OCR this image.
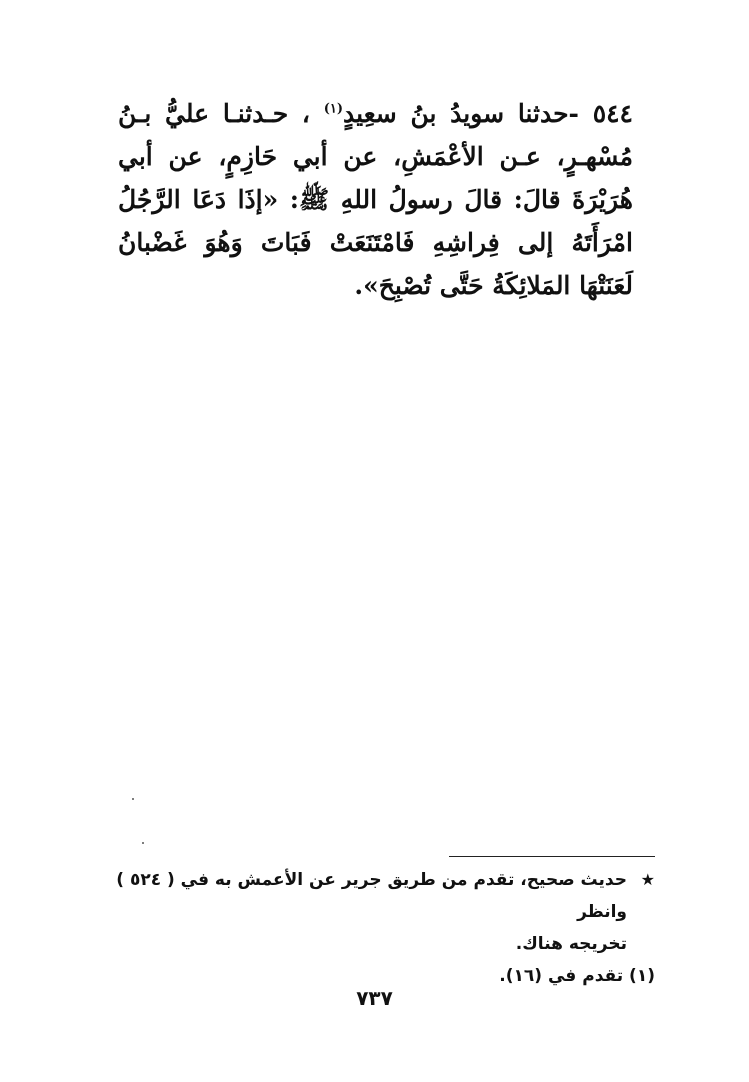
٥٤٤ -حدثنا سويدُ بنُ سعِيدٍ$^{(١)}$ ، حـدثنـا عليُّ بـنُ مُسْهـرٍ، عـن الأعْمَشِ، عن أبي حَازِمٍ، عن أبي هُرَيْرَةَ قالَ: قالَ رسولُ اللهِ ﷺ: «إذَا دَعَا الرَّجُلُ امْرَأَتَهُ إلى فِراشِهِ فَامْتَنَعَتْ فَبَاتَ وَهُوَ غَضْبانُ لَعَنَتْهَا المَلائِكَةُ حَتَّى تُصْبِحَ».
★
حديث صحيح، تقدم من طريق جرير عن الأعمش به في ( ٥٢٤ ) وانظر
تخريجه هناك.
(١) تقدم في (١٦).
٧٣٧
